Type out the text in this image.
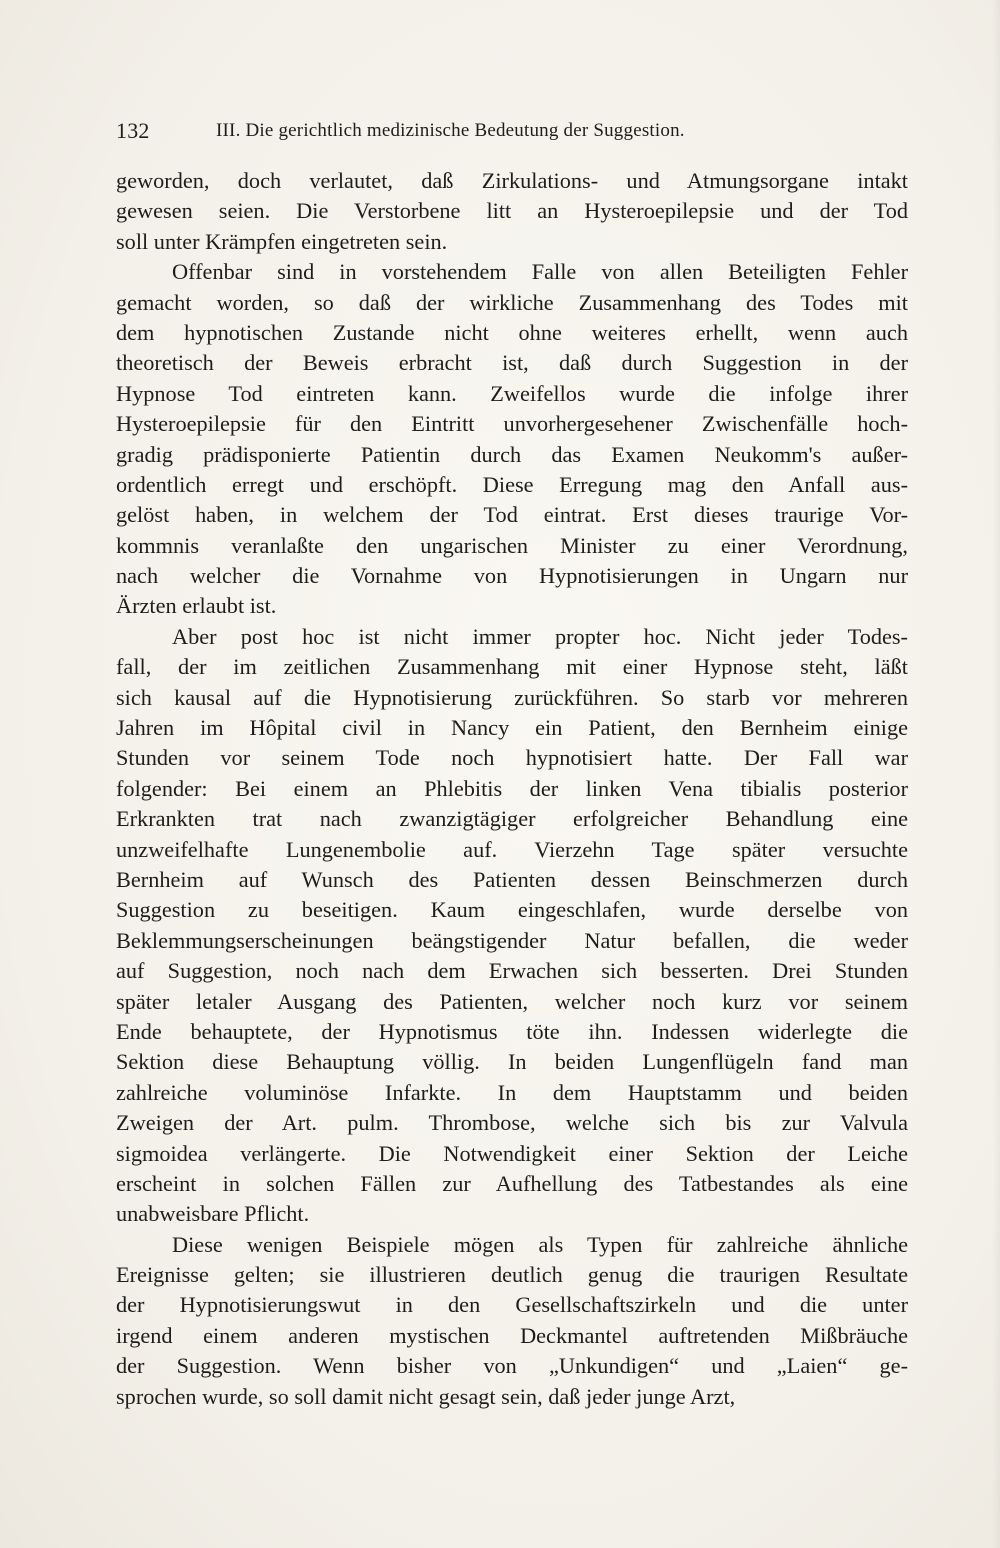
132	III. Die gerichtlich medizinische Bedeutung der Suggestion.
geworden, doch verlautet, daß Zirkulations- und Atmungsorgane intakt
gewesen seien. Die Verstorbene litt an Hysteroepilepsie und der Tod
soll unter Krämpfen eingetreten sein.
Offenbar sind in vorstehendem Falle von allen Beteiligten Fehler
gemacht worden, so daß der wirkliche Zusammenhang des Todes mit
dem hypnotischen Zustande nicht ohne weiteres erhellt, wenn auch
theoretisch der Beweis erbracht ist, daß durch Suggestion in der
Hypnose Tod eintreten kann. Zweifellos wurde die infolge ihrer
Hysteroepilepsie für den Eintritt unvorhergesehener Zwischenfälle hoch-
gradig prädisponierte Patientin durch das Examen Neukomm's außer-
ordentlich erregt und erschöpft. Diese Erregung mag den Anfall aus-
gelöst haben, in welchem der Tod eintrat. Erst dieses traurige Vor-
kommnis veranlaßte den ungarischen Minister zu einer Verordnung,
nach welcher die Vornahme von Hypnotisierungen in Ungarn nur
Ärzten erlaubt ist.
Aber post hoc ist nicht immer propter hoc. Nicht jeder Todes-
fall, der im zeitlichen Zusammenhang mit einer Hypnose steht, läßt
sich kausal auf die Hypnotisierung zurückführen. So starb vor mehreren
Jahren im Hôpital civil in Nancy ein Patient, den Bernheim einige
Stunden vor seinem Tode noch hypnotisiert hatte. Der Fall war
folgender: Bei einem an Phlebitis der linken Vena tibialis posterior
Erkrankten trat nach zwanzigtägiger erfolgreicher Behandlung eine
unzweifelhafte Lungenembolie auf. Vierzehn Tage später versuchte
Bernheim auf Wunsch des Patienten dessen Beinschmerzen durch
Suggestion zu beseitigen. Kaum eingeschlafen, wurde derselbe von
Beklemmungserscheinungen beängstigender Natur befallen, die weder
auf Suggestion, noch nach dem Erwachen sich besserten. Drei Stunden
später letaler Ausgang des Patienten, welcher noch kurz vor seinem
Ende behauptete, der Hypnotismus töte ihn. Indessen widerlegte die
Sektion diese Behauptung völlig. In beiden Lungenflügeln fand man
zahlreiche voluminöse Infarkte. In dem Hauptstamm und beiden
Zweigen der Art. pulm. Thrombose, welche sich bis zur Valvula
sigmoidea verlängerte. Die Notwendigkeit einer Sektion der Leiche
erscheint in solchen Fällen zur Aufhellung des Tatbestandes als eine
unabweisbare Pflicht.
Diese wenigen Beispiele mögen als Typen für zahlreiche ähnliche
Ereignisse gelten; sie illustrieren deutlich genug die traurigen Resultate
der Hypnotisierungswut in den Gesellschaftszirkeln und die unter
irgend einem anderen mystischen Deckmantel auftretenden Mißbräuche
der Suggestion. Wenn bisher von „Unkundigen“ und „Laien“ ge-
sprochen wurde, so soll damit nicht gesagt sein, daß jeder junge Arzt,
